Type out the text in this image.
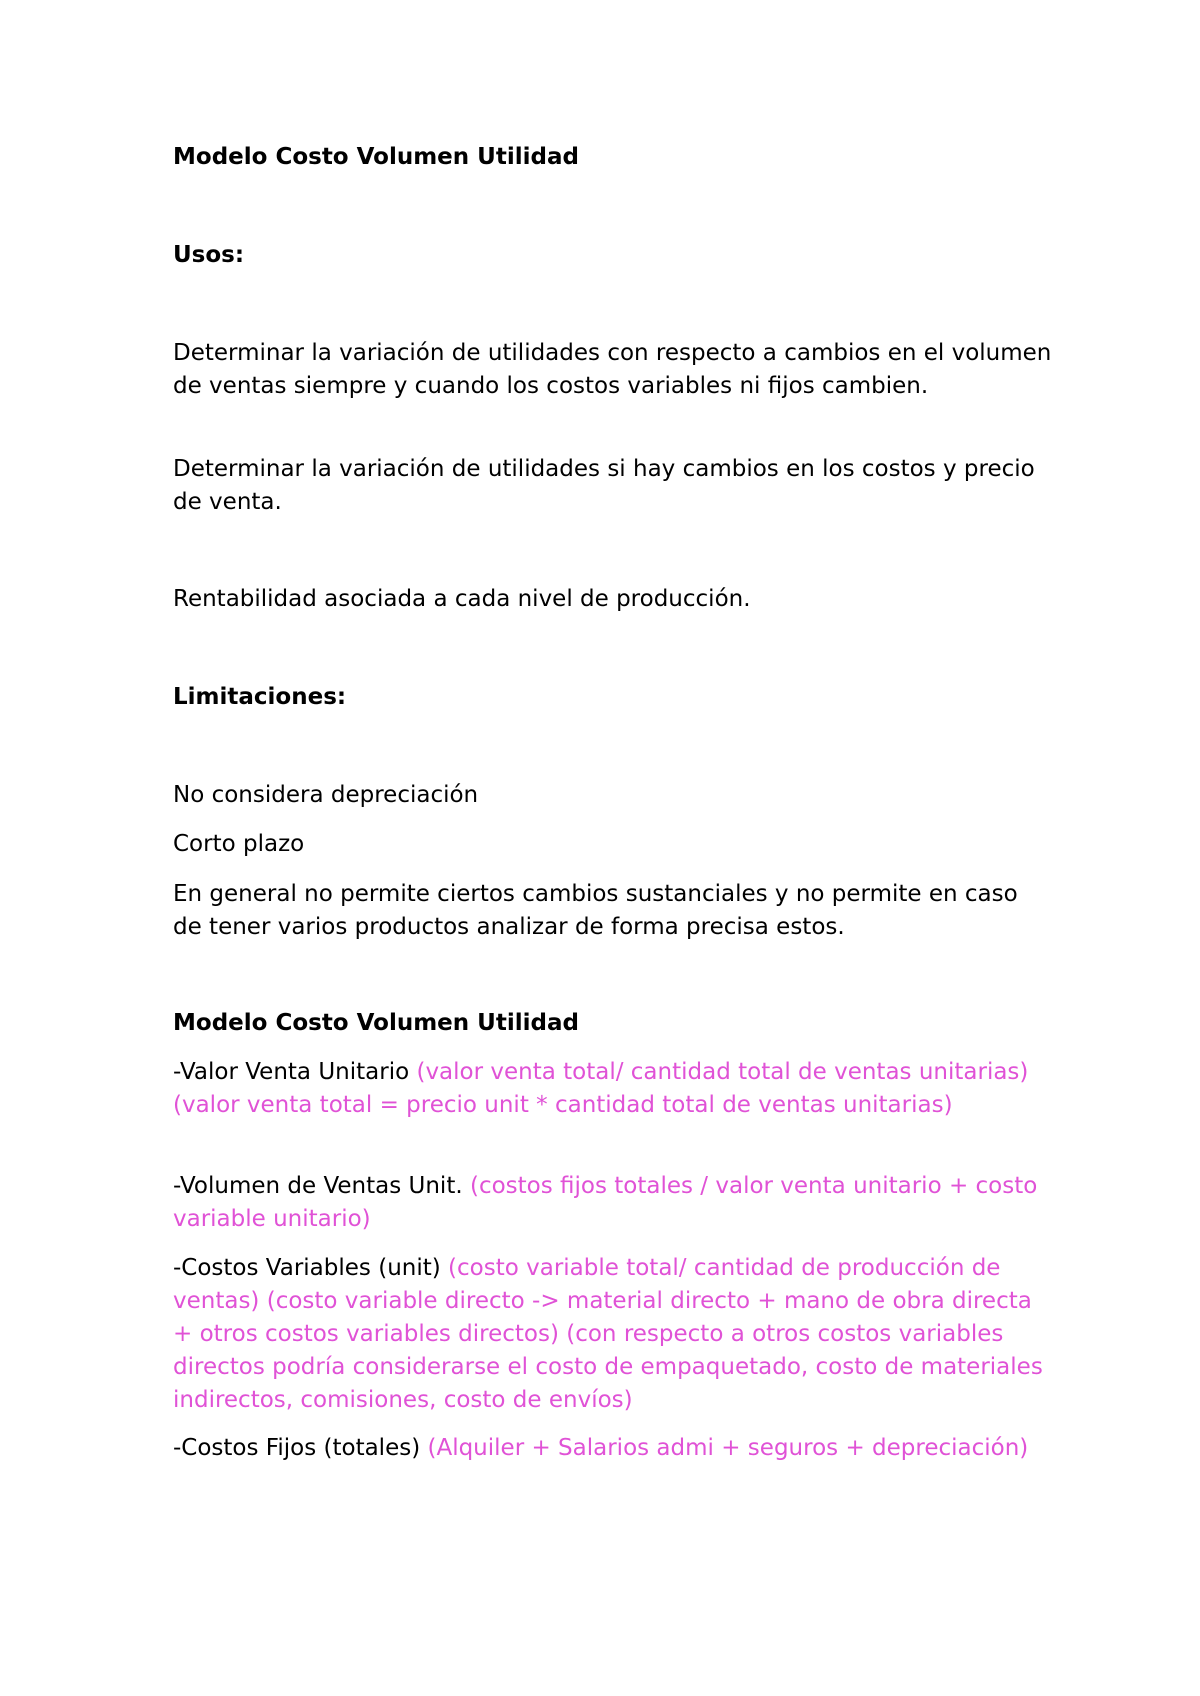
Modelo Costo Volumen Utilidad

Usos:

Determinar la variación de utilidades con respecto a cambios en el volumen de ventas siempre y cuando los costos variables ni fijos cambien.

Determinar la variación de utilidades si hay cambios en los costos y precio de venta.

Rentabilidad asociada a cada nivel de producción.

Limitaciones:

No considera depreciación

Corto plazo

En general no permite ciertos cambios sustanciales y no permite en caso de tener varios productos analizar de forma precisa estos.

Modelo Costo Volumen Utilidad

-Valor Venta Unitario (valor venta total/ cantidad total de ventas unitarias) (valor venta total = precio unit * cantidad total de ventas unitarias)

-Volumen de Ventas Unit. (costos fijos totales / valor venta unitario + costo variable unitario)

-Costos Variables (unit) (costo variable total/ cantidad de producción de ventas) (costo variable directo -> material directo + mano de obra directa + otros costos variables directos) (con respecto a otros costos variables directos podría considerarse el costo de empaquetado, costo de materiales indirectos, comisiones, costo de envíos)

-Costos Fijos (totales) (Alquiler + Salarios admi + seguros + depreciación)
